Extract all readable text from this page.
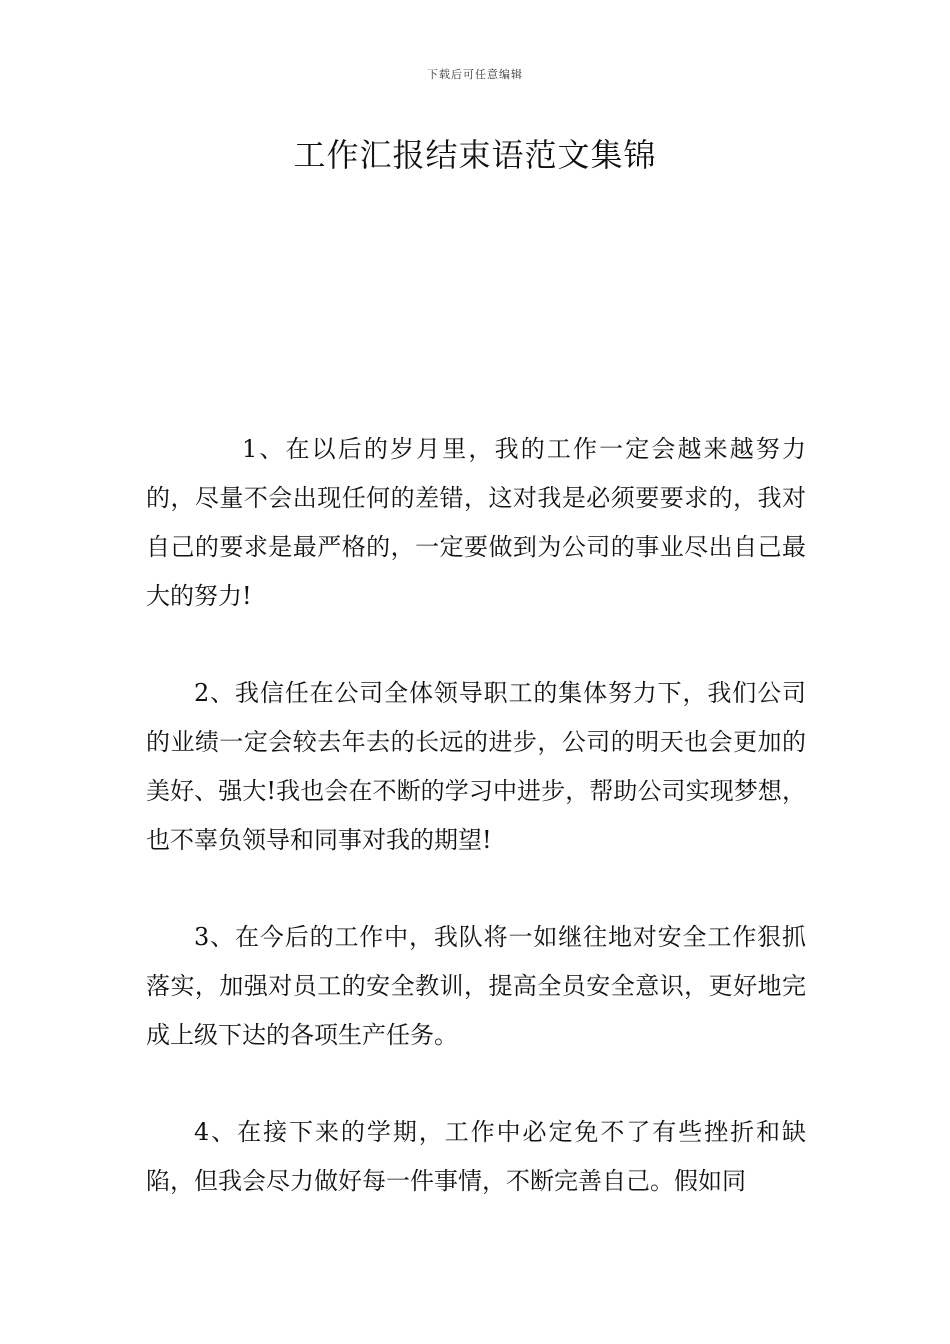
下载后可任意编辑
工作汇报结束语范文集锦

1、在以后的岁月里，我的工作一定会越来越努力的，尽量不会出现任何的差错，这对我是必须要要求的，我对自己的要求是最严格的，一定要做到为公司的事业尽出自己最大的努力!

2、我信任在公司全体领导职工的集体努力下，我们公司的业绩一定会较去年去的长远的进步，公司的明天也会更加的美好、强大!我也会在不断的学习中进步，帮助公司实现梦想，也不辜负领导和同事对我的期望!

3、在今后的工作中，我队将一如继往地对安全工作狠抓落实，加强对员工的安全教训，提高全员安全意识，更好地完成上级下达的各项生产任务。

4、在接下来的学期，工作中必定免不了有些挫折和缺陷，但我会尽力做好每一件事情，不断完善自己。假如同
